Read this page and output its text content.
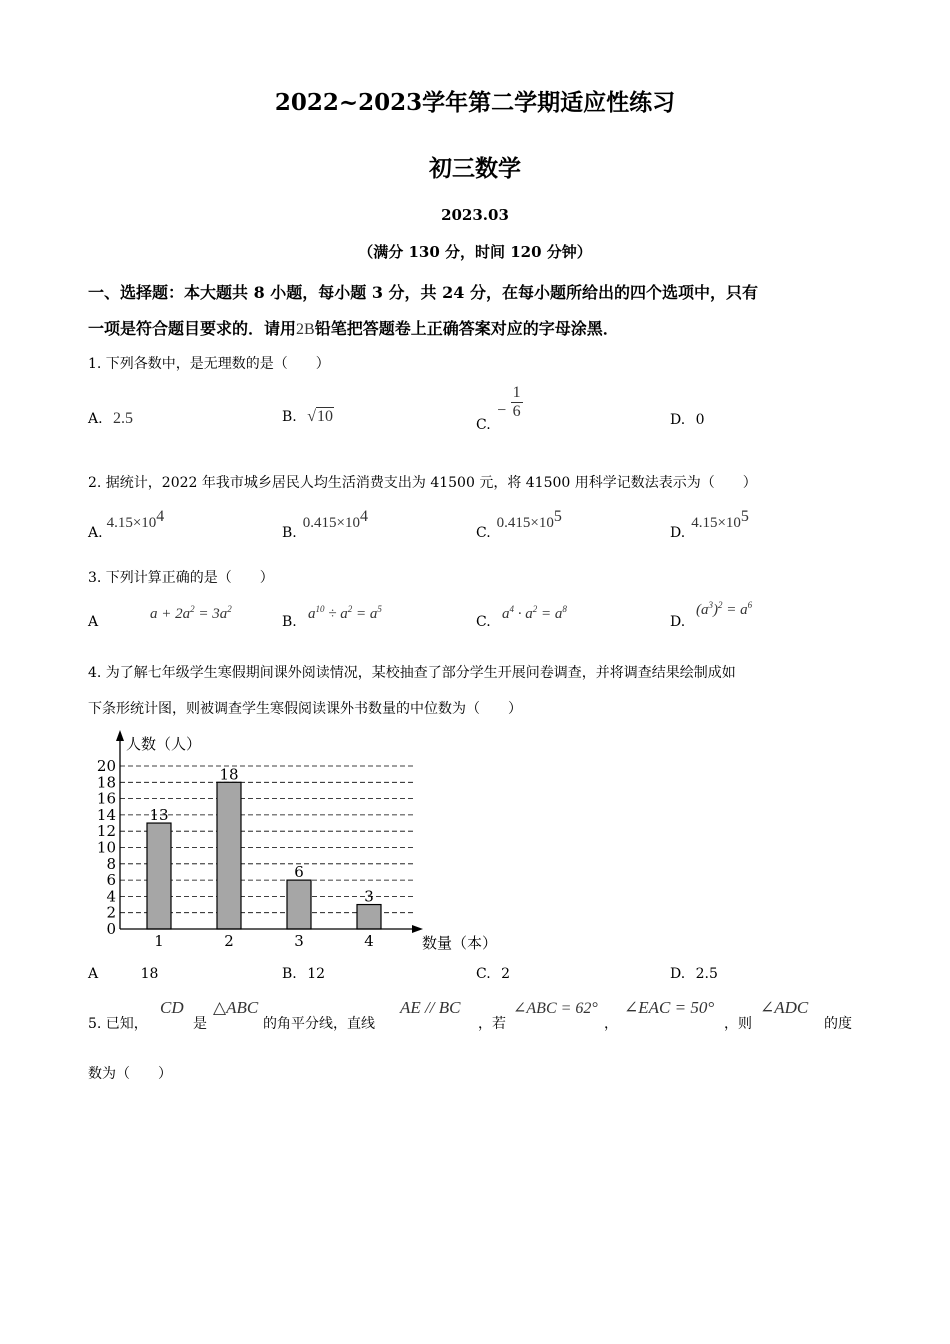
2022~2023学年第二学期适应性练习
初三数学
2023.03
（满分 130 分，时间 120 分钟）
一、选择题：本大题共 8 小题，每小题 3 分，共 24 分，在每小题所给出的四个选项中，只有
一项是符合题目要求的．请用2B铅笔把答题卷上正确答案对应的字母涂黑．
1. 下列各数中，是无理数的是（　　）
A. 2.5	B. √10	C. − $\frac{1}{6}$	D. 0
2. 据统计，2022 年我市城乡居民人均生活消费支出为 41500 元，将 41500 用科学记数法表示为（　　）
$A.4.15\times 10^4$
$B.0.415\times 10^4$
$C.0.415\times 10^5$
$D.4.15\times 10^5$
3. 下列计算正确的是（　　）
A	$a + 2a^2 = 3a^2$
B. $a^{10} \div a^2 = a^5$
C. $a^4 \cdot a^2 = a^8$
D.
$(a^3)^2 = a^6$
4. 为了解七年级学生寒假期间课外阅读情况，某校抽查了部分学生开展问卷调查，并将调查结果绘制成如
下条形统计图，则被调查学生寒假阅读课外书数量的中位数为（　　）
人数（人）
数量（本）
0
2
4
6
8
10
12
14
16
18
20
1	2	3	4
13
18
6
3
A	18	B. 12	C. 2	D. 2.5
5. 已知，
CD
是
△ABC
的角平分线，直线
AE // BC
，若
∠ABC = 62°
，
∠EAC = 50°
，则
∠ADC
的度
数为（　　）
